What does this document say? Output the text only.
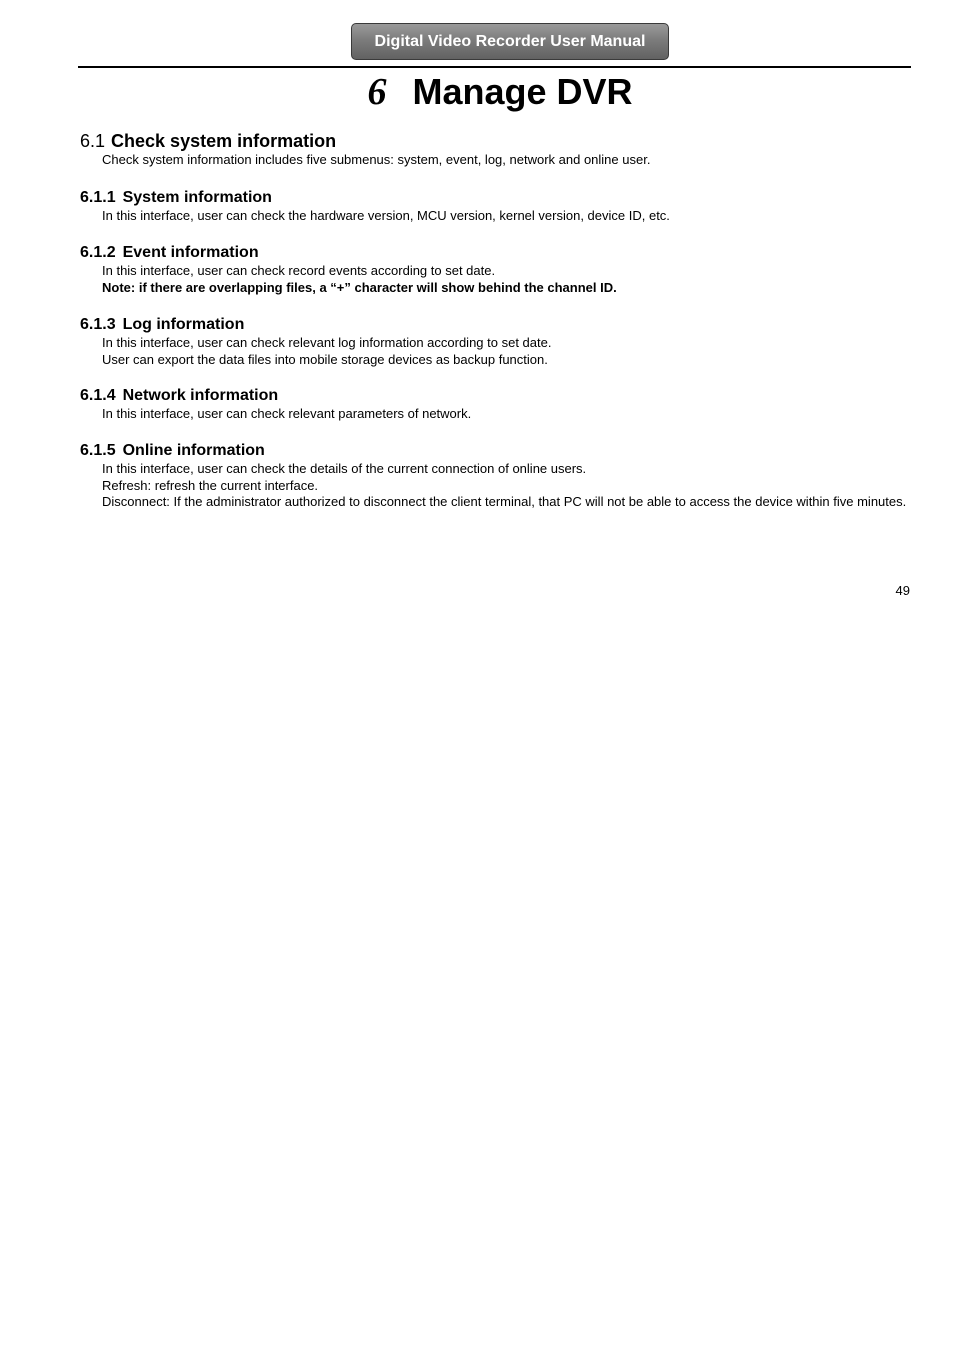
Digital Video Recorder User Manual
6 Manage DVR
6.1 Check system information
Check system information includes five submenus: system, event, log, network and online user.
6.1.1 System information
In this interface, user can check the hardware version, MCU version, kernel version, device ID, etc.
6.1.2 Event information
In this interface, user can check record events according to set date.
Note: if there are overlapping files, a “+” character will show behind the channel ID.
6.1.3 Log information
In this interface, user can check relevant log information according to set date.
User can export the data files into mobile storage devices as backup function.
6.1.4 Network information
In this interface, user can check relevant parameters of network.
6.1.5 Online information
In this interface, user can check the details of the current connection of online users.
Refresh: refresh the current interface.
Disconnect: If the administrator authorized to disconnect the client terminal, that PC will not be able to access the device within five minutes.
49
